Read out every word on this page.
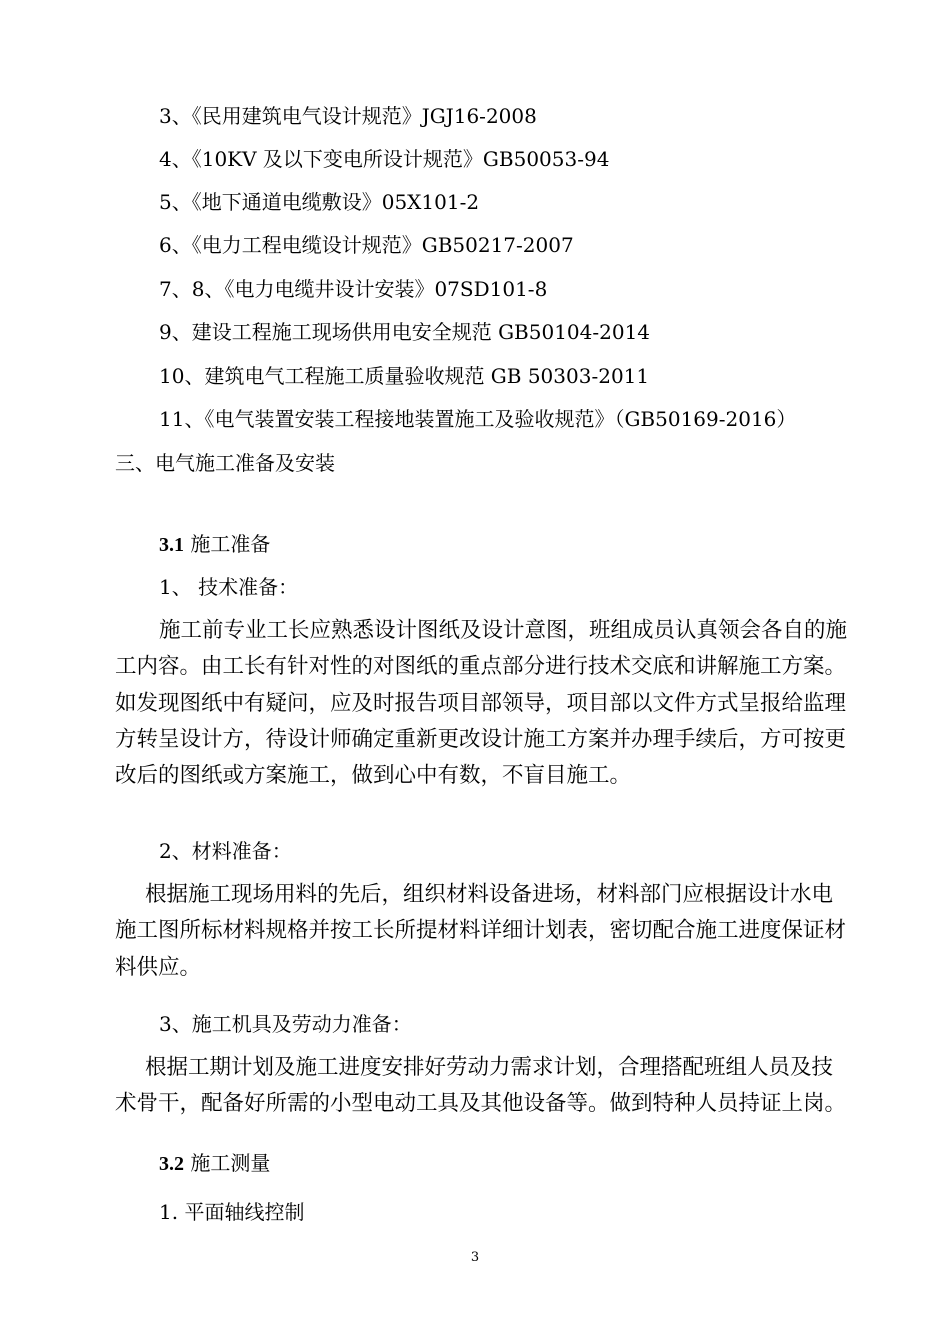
3、《民用建筑电气设计规范》JGJ16-2008
4、《10KV 及以下变电所设计规范》GB50053-94
5、《地下通道电缆敷设》05X101-2
6、《电力工程电缆设计规范》GB50217-2007
7、8、《电力电缆井设计安装》07SD101-8
9、建设工程施工现场供用电安全规范 GB50104-2014
10、建筑电气工程施工质量验收规范 GB 50303-2011
11、《电气装置安装工程接地装置施工及验收规范》（GB50169-2016）
三、电气施工准备及安装
3.1 施工准备
1、 技术准备：
施工前专业工长应熟悉设计图纸及设计意图，班组成员认真领会各自的施
工内容。由工长有针对性的对图纸的重点部分进行技术交底和讲解施工方案。
如发现图纸中有疑问，应及时报告项目部领导，项目部以文件方式呈报给监理
方转呈设计方，待设计师确定重新更改设计施工方案并办理手续后，方可按更
改后的图纸或方案施工，做到心中有数，不盲目施工。
2、材料准备：
根据施工现场用料的先后，组织材料设备进场，材料部门应根据设计水电
施工图所标材料规格并按工长所提材料详细计划表，密切配合施工进度保证材
料供应。
3、施工机具及劳动力准备：
根据工期计划及施工进度安排好劳动力需求计划，合理搭配班组人员及技
术骨干，配备好所需的小型电动工具及其他设备等。做到特种人员持证上岗。
3.2 施工测量
1. 平面轴线控制
3
